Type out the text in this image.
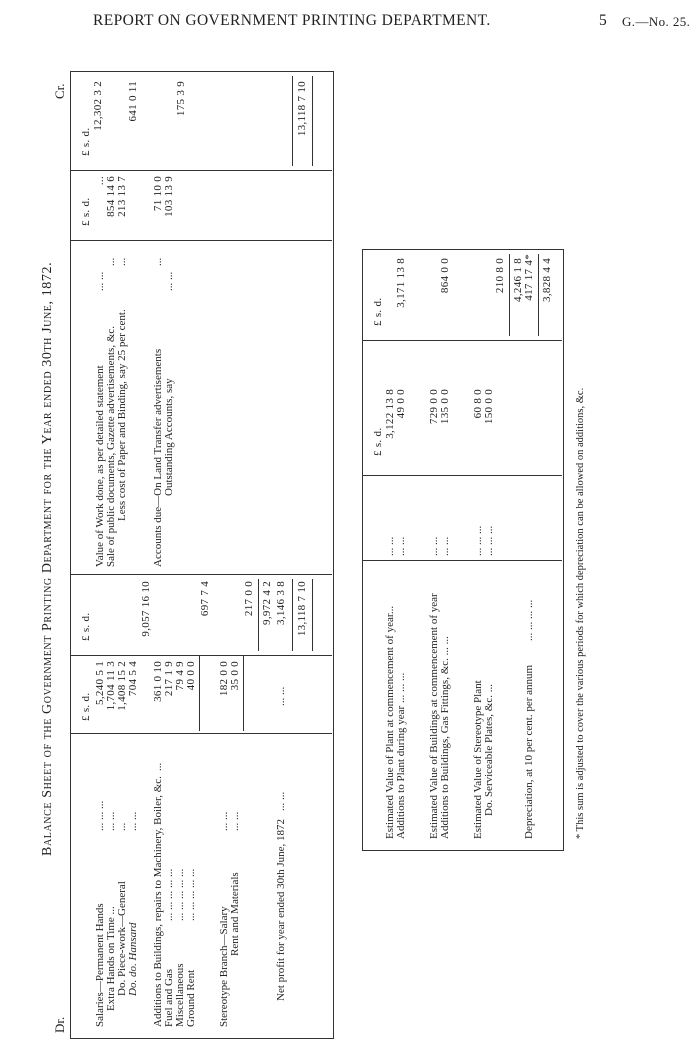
REPORT ON GOVERNMENT PRINTING DEPARTMENT.	5 G.—No. 25.
Balance Sheet of the Government Printing Department for the Year ended 30th June, 1872.
Dr.
Cr.
£ s. d.
£ s. d.
Salaries—Permanent Hands
... ... ...
5,240 5 1
Extra Hands on Time ...
... ...
1,704 11 3
Do. Piece-work—General
...
1,408 15 2
Do. do. Hansard
... ...
704 5 4
9,057 16 10
Additions to Buildings, repairs to Machinery, Boiler, &c.
...
361 0 10
Fuel and Gas
... ... ... ... ...
217 1 9
Miscellaneous
... ... ... ... ...
79 4 9
Ground Rent
... ... ... ... ...
40 0 0
697 7 4
Stereotype Branch—Salary
... ...
182 0 0
Rent and Materials
... ...
35 0 0
217 0 0 9,972 4 2
Net profit for year ended 30th June, 1872
... ...
... ...
3,146 3 8 13,118 7 10
£ s. d.
£ s. d.
Value of Work done, as per detailed statement
... ...
...
Sale of public documents, Gazette advertisements, &c.
...
854 14 6
12,302 3 2
Less cost of Paper and Binding, say 25 per cent.
...
213 13 7
641 0 11
Accounts due—On Land Transfer advertisements
...
71 10 0
Outstanding Accounts, say
... ...
103 13 9
175 3 9	13,118 7 10
£ s. d.
£ s. d.
Estimated Value of Plant at commencement of year...
... ...
3,122 13 8
Additions to Plant during year ... ... ...
... ...
49 0 0
3,171 13 8
Estimated Value of Buildings at commencement of year
... ...
729 0 0
Additions to Buildings, Gas Fittings, &c. ... ...
... ...
135 0 0
864 0 0
Estimated Value of Stereotype Plant
... ... ...
60 8 0
Do. Serviceable Plates, &c. ...
... ... ...
150 0 0
210 8 0 4,246 1 8
Depreciation, at 10 per cent. per annum
... ... ... ...
417 17 4* 3,828 4 4
* This sum is adjusted to cover the various periods for which depreciation can be allowed on additions, &c.
